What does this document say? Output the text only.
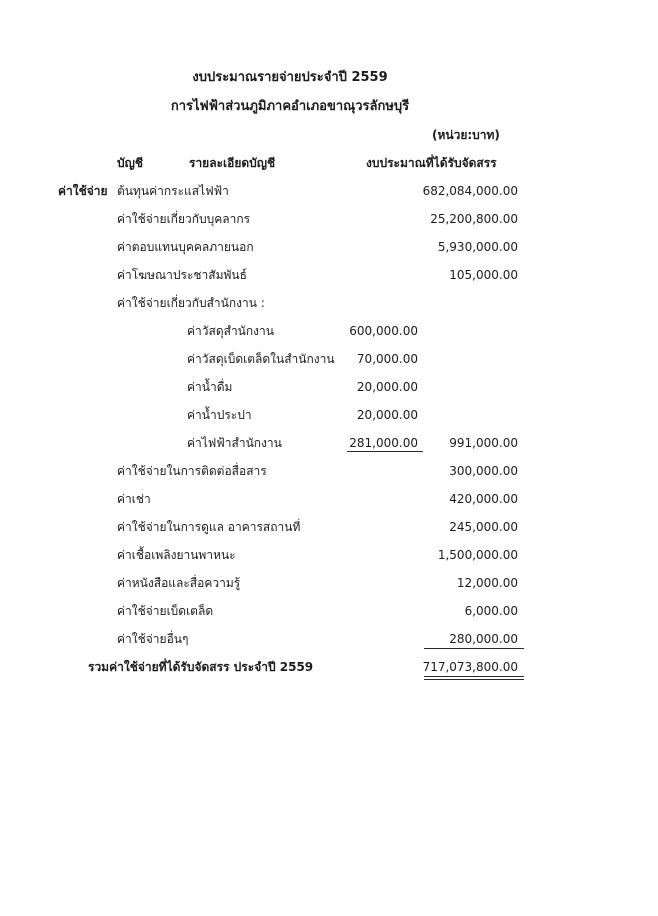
งบประมาณรายจ่ายประจำปี 2559
การไฟฟ้าส่วนภูมิภาคอำเภอขาณุวรลักษบุรี
(หน่วย:บาท)
บัญชี	รายละเอียดบัญชี	งบประมาณที่ได้รับจัดสรร
ค่าใช้จ่าย ต้นทุนค่ากระแสไฟฟ้า	682,084,000.00
ค่าใช้จ่ายเกี่ยวกับบุคลากร	25,200,800.00
ค่าตอบแทนบุคคลภายนอก	5,930,000.00
ค่าโฆษณาประชาสัมพันธ์	105,000.00
ค่าใช้จ่ายเกี่ยวกับสำนักงาน :
ค่าวัสดุสำนักงาน	600,000.00
ค่าวัสดุเบ็ดเตล็ดในสำนักงาน	70,000.00
ค่าน้ำดื่ม	20,000.00
ค่าน้ำประปา	20,000.00
ค่าไฟฟ้าสำนักงาน	281,000.00	991,000.00
ค่าใช้จ่ายในการติดต่อสื่อสาร	300,000.00
ค่าเช่า	420,000.00
ค่าใช้จ่ายในการดูแล อาคารสถานที่	245,000.00
ค่าเชื้อเพลิงยานพาหนะ	1,500,000.00
ค่าหนังสือและสื่อความรู้	12,000.00
ค่าใช้จ่ายเบ็ดเตล็ด	6,000.00
ค่าใช้จ่ายอื่นๆ	280,000.00
รวมค่าใช้จ่ายที่ได้รับจัดสรร ประจำปี 2559	717,073,800.00
